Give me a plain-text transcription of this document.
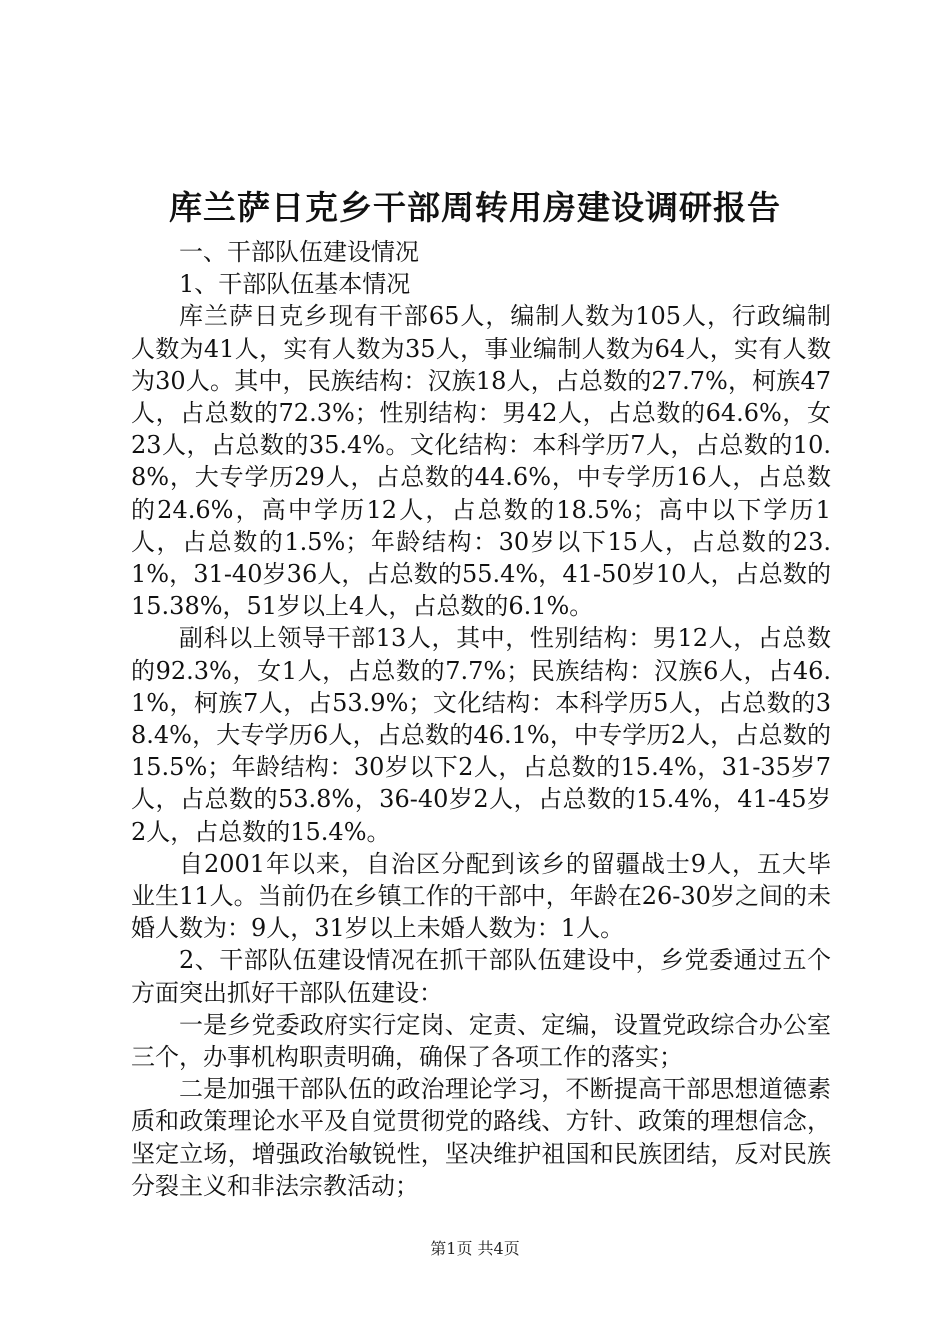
库兰萨日克乡干部周转用房建设调研报告

一、干部队伍建设情况

1、干部队伍基本情况

库兰萨日克乡现有干部65人，编制人数为105人，行政编制人数为41人，实有人数为35人，事业编制人数为64人，实有人数为30人。其中，民族结构：汉族18人，占总数的27.7%，柯族47人，占总数的72.3%；性别结构：男42人，占总数的64.6%，女23人，占总数的35.4%。文化结构：本科学历7人，占总数的10.8%，大专学历29人，占总数的44.6%，中专学历16人，占总数的24.6%，高中学历12人，占总数的18.5%；高中以下学历1人，占总数的1.5%；年龄结构：30岁以下15人，占总数的23.1%，31-40岁36人，占总数的55.4%，41-50岁10人，占总数的15.38%，51岁以上4人，占总数的6.1%。

副科以上领导干部13人，其中，性别结构：男12人，占总数的92.3%，女1人，占总数的7.7%；民族结构：汉族6人，占46.1%，柯族7人，占53.9%；文化结构：本科学历5人，占总数的38.4%，大专学历6人，占总数的46.1%，中专学历2人，占总数的15.5%；年龄结构：30岁以下2人，占总数的15.4%，31-35岁7人，占总数的53.8%，36-40岁2人，占总数的15.4%，41-45岁2人，占总数的15.4%。

自2001年以来，自治区分配到该乡的留疆战士9人，五大毕业生11人。当前仍在乡镇工作的干部中，年龄在26-30岁之间的未婚人数为：9人，31岁以上未婚人数为：1人。

2、干部队伍建设情况在抓干部队伍建设中，乡党委通过五个方面突出抓好干部队伍建设：

一是乡党委政府实行定岗、定责、定编，设置党政综合办公室三个，办事机构职责明确，确保了各项工作的落实；

二是加强干部队伍的政治理论学习，不断提高干部思想道德素质和政策理论水平及自觉贯彻党的路线、方针、政策的理想信念，坚定立场，增强政治敏锐性，坚决维护祖国和民族团结，反对民族分裂主义和非法宗教活动；

第1页 共4页
